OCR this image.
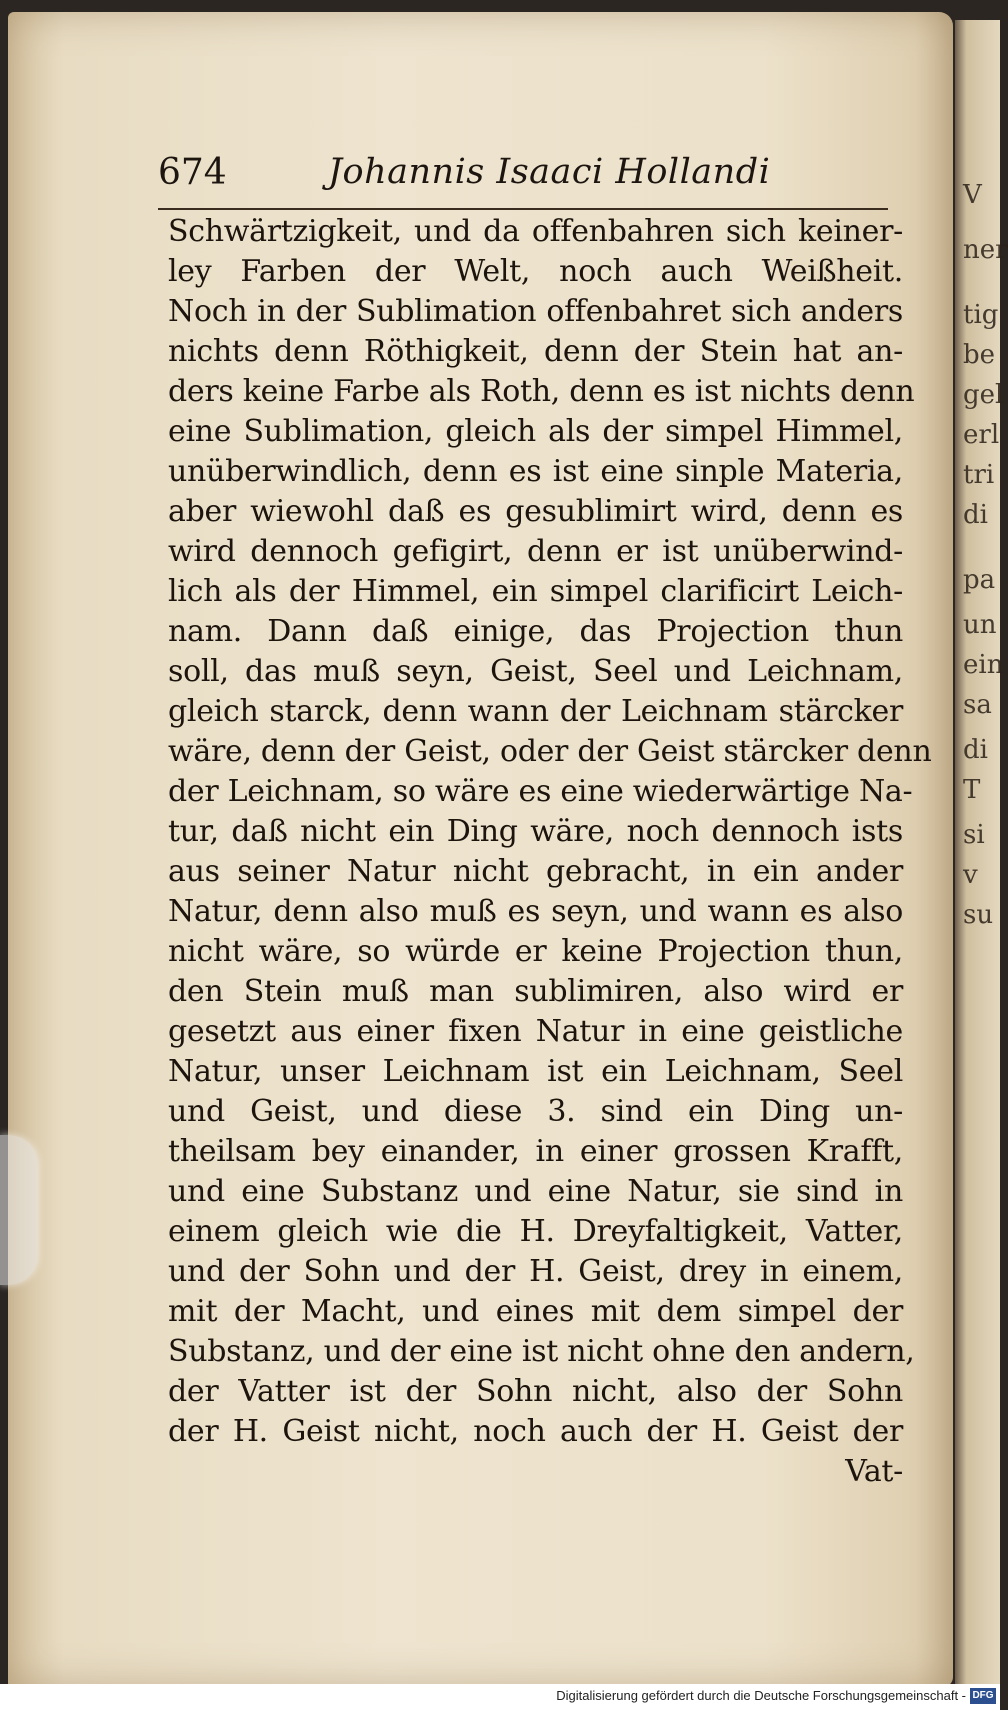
674	Johannis Isaaci Hollandi
Schwärtzigkeit, und da offenbahren sich keiner-
ley Farben der Welt, noch auch Weißheit.
Noch in der Sublimation offenbahret sich anders
nichts denn Röthigkeit, denn der Stein hat an-
ders keine Farbe als Roth, denn es ist nichts denn
eine Sublimation, gleich als der simpel Himmel,
unüberwindlich, denn es ist eine sinple Materia,
aber wiewohl daß es gesublimirt wird, denn es
wird dennoch gefigirt, denn er ist unüberwind-
lich als der Himmel, ein simpel clarificirt Leich-
nam. Dann daß einige, das Projection thun
soll, das muß seyn, Geist, Seel und Leichnam,
gleich starck, denn wann der Leichnam stärcker
wäre, denn der Geist, oder der Geist stärcker denn
der Leichnam, so wäre es eine wiederwärtige Na-
tur, daß nicht ein Ding wäre, noch dennoch ists
aus seiner Natur nicht gebracht, in ein ander
Natur, denn also muß es seyn, und wann es also
nicht wäre, so würde er keine Projection thun,
den Stein muß man sublimiren, also wird er
gesetzt aus einer fixen Natur in eine geistliche
Natur, unser Leichnam ist ein Leichnam, Seel
und Geist, und diese 3. sind ein Ding un-
theilsam bey einander, in einer grossen Krafft,
und eine Substanz und eine Natur, sie sind in
einem gleich wie die H. Dreyfaltigkeit, Vatter,
und der Sohn und der H. Geist, drey in einem,
mit der Macht, und eines mit dem simpel der
Substanz, und der eine ist nicht ohne den andern,
der Vatter ist der Sohn nicht, also der Sohn
der H. Geist nicht, noch auch der H. Geist der
Vat-
V
ner
tig
be
gel
erl
tri
di
pa
un
ein
sa
di
T
si
v
su
Digitalisierung gefördert durch die Deutsche Forschungsgemeinschaft - DFG
